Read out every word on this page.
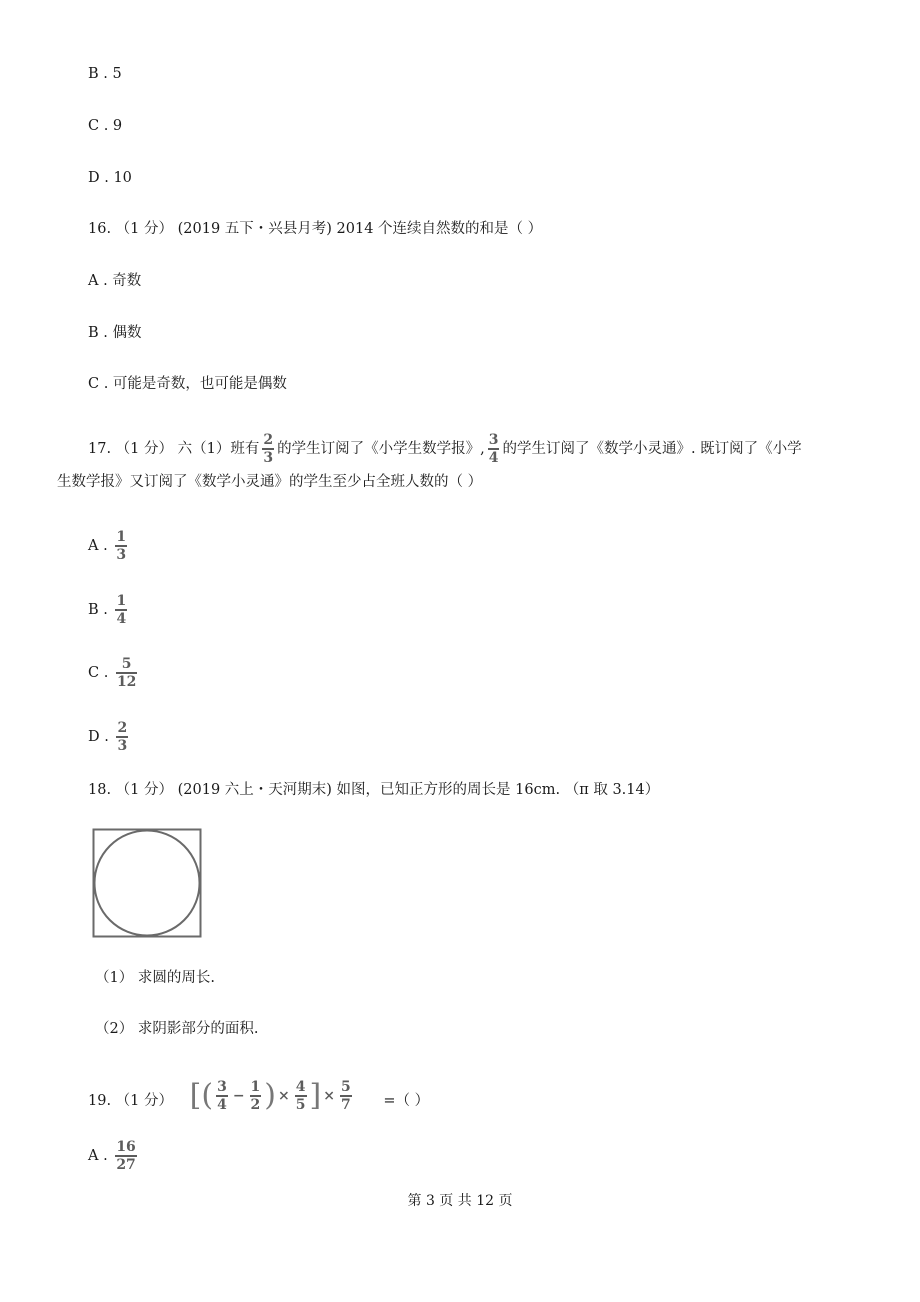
B . 5
C . 9
D . 10
16. （1 分） (2019 五下・兴县月考) 2014 个连续自然数的和是（ ）
A . 奇数
B . 偶数
C . 可能是奇数，也可能是偶数
17. （1 分） 六（1）班有 $\frac{2}{3}$ 的学生订阅了《小学生数学报》, $\frac{3}{4}$ 的学生订阅了《数学小灵通》. 既订阅了《小学
生数学报》又订阅了《数学小灵通》的学生至少占全班人数的（ ）
A . $\frac{1}{3}$
B . $\frac{1}{4}$
C . $\frac{5}{12}$
D . $\frac{2}{3}$
18. （1 分） (2019 六上・天河期末) 如图，已知正方形的周长是 16cm. （π 取 3.14）
（1） 求圆的周长.
（2） 求阴影部分的面积.
19. （1 分） [ ( $\frac{3}{4} - \frac{1}{2}$ ) × $\frac{4}{5}$ ] × $\frac{5}{7}$ =（ ）
A . $\frac{16}{27}$
第 3 页 共 12 页
